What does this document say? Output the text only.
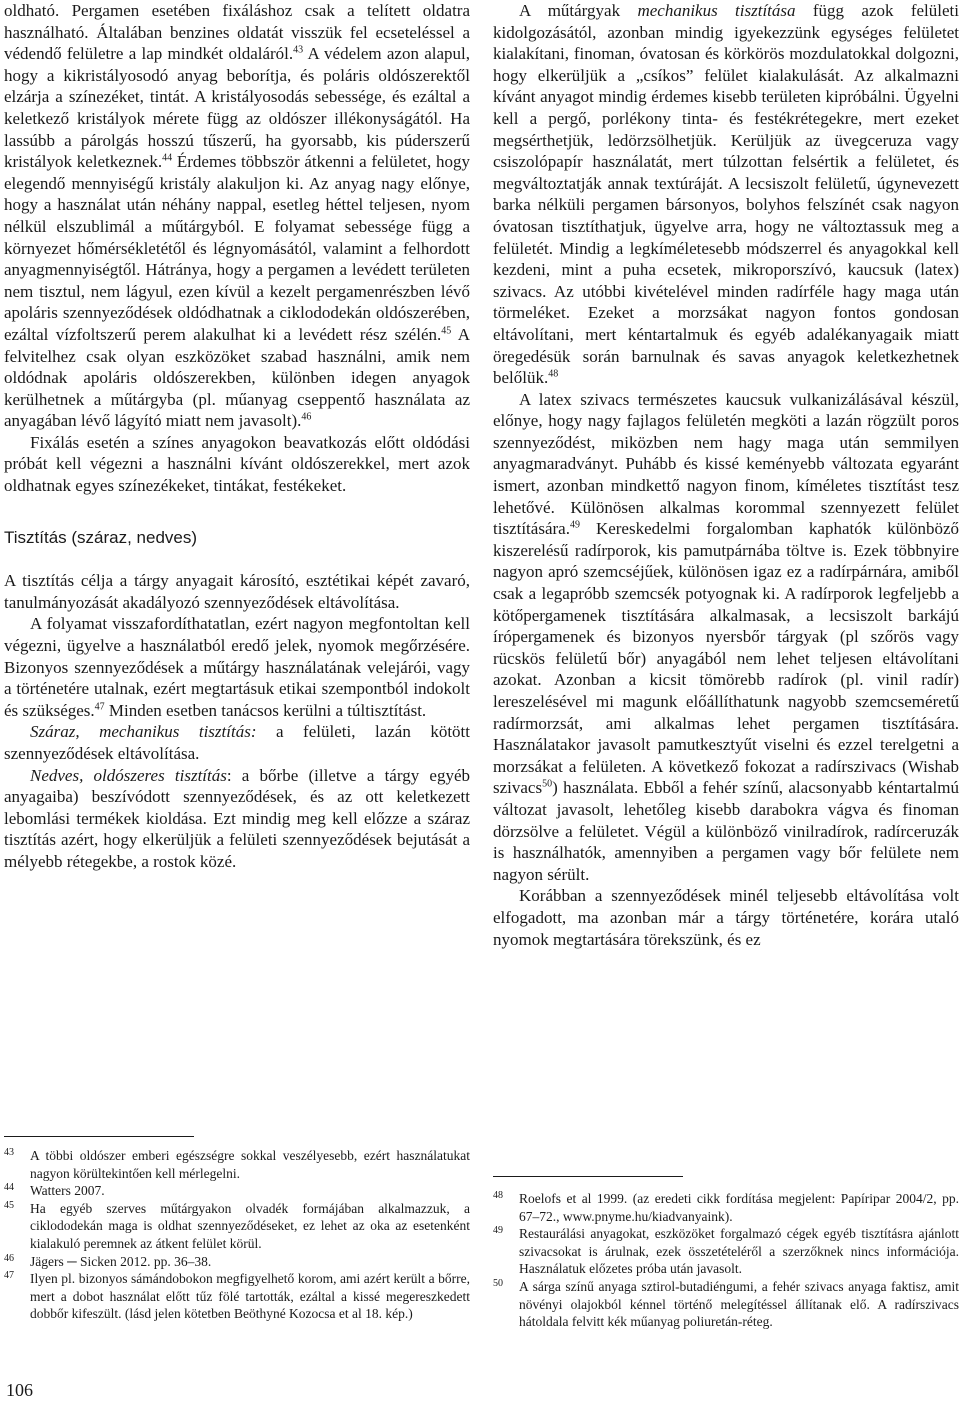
oldható. Pergamen esetében fixáláshoz csak a telített oldatra használható. Általában benzines oldatát visszük fel ecseteléssel a védendő felületre a lap mindkét oldaláról.$^{43}$ A védelem azon alapul, hogy a kikristályosodó anyag beborítja, és poláris oldószerektől elzárja a színezéket, tintát. A kristályosodás sebessége, és ezáltal a keletkező kristályok mérete függ az oldószer illékonyságától. Ha lassúbb a párolgás hosszú tűszerű, ha gyorsabb, kis púderszerű kristályok keletkeznek.$^{44}$ Érdemes többször átkenni a felületet, hogy elegendő mennyiségű kristály alakuljon ki. Az anyag nagy előnye, hogy a használat után néhány nappal, esetleg héttel teljesen, nyom nélkül elszublimál a műtárgyból. E folyamat sebessége függ a környezet hőmérsékletétől és légnyomásától, valamint a felhordott anyagmennyiségtől. Hátránya, hogy a pergamen a levédett területen nem tisztul, nem lágyul, ezen kívül a kezelt pergamenrészben lévő apoláris szennyeződések oldódhatnak a ciklododekán oldószerében, ezáltal vízfoltszerű perem alakulhat ki a levédett rész szélén.$^{45}$ A felvitelhez csak olyan eszközöket szabad használni, amik nem oldódnak apoláris oldószerekben, különben idegen anyagok kerülhetnek a műtárgyba (pl. műanyag cseppentő használata az anyagában lévő lágyító miatt nem javasolt).$^{46}$

Fixálás esetén a színes anyagokon beavatkozás előtt oldódási próbát kell végezni a használni kívánt oldószerekkel, mert azok oldhatnak egyes színezékeket, tintákat, festékeket.

Tisztítás (száraz, nedves)

A tisztítás célja a tárgy anyagait károsító, esztétikai képét zavaró, tanulmányozását akadályozó szennyeződések eltávolítása.

A folyamat visszafordíthatatlan, ezért nagyon megfontoltan kell végezni, ügyelve a használatból eredő jelek, nyomok megőrzésére. Bizonyos szennyeződések a műtárgy használatának velejárói, vagy a történetére utalnak, ezért megtartásuk etikai szempontból indokolt és szükséges.$^{47}$ Minden esetben tanácsos kerülni a túltisztítást.

Száraz, mechanikus tisztítás: a felületi, lazán kötött szennyeződések eltávolítása.

Nedves, oldószeres tisztítás: a bőrbe (illetve a tárgy egyéb anyagaiba) beszívódott szennyeződések, és az ott keletkezett lebomlási termékek kioldása. Ezt mindig meg kell előzze a száraz tisztítás azért, hogy elkerüljük a felületi szennyeződések bejutását a mélyebb rétegekbe, a rostok közé.

43 A többi oldószer emberi egészségre sokkal veszélyesebb, ezért használatukat nagyon körültekintően kell mérlegelni.
44 Watters 2007.
45 Ha egyéb szerves műtárgyakon olvadék formájában alkalmazzuk, a ciklododekán maga is oldhat szennyeződéseket, ez lehet az oka az esetenként kialakuló peremnek az átkent felület körül.
46 Jägers ─ Sicken 2012. pp. 36–38.
47 Ilyen pl. bizonyos sámándobokon megfigyelhető korom, ami azért került a bőrre, mert a dobot használat előtt tűz fölé tartották, ezáltal a kissé megereszkedett dobbőr kifeszült. (lásd jelen kötetben Beöthyné Kozocsa et al 18. kép.)

A műtárgyak mechanikus tisztítása függ azok felületi kidolgozásától, azonban mindig igyekezzünk egységes felületet kialakítani, finoman, óvatosan és körkörös mozdulatokkal dolgozni, hogy elkerüljük a „csíkos” felület kialakulását. Az alkalmazni kívánt anyagot mindig érdemes kisebb területen kipróbálni. Ügyelni kell a pergő, porlékony tinta- és festékrétegekre, mert ezeket megsérthetjük, ledörzsölhetjük. Kerüljük az üvegceruza vagy csiszolópapír használatát, mert túlzottan felsértik a felületet, és megváltoztatják annak textúráját. A lecsiszolt felületű, úgynevezett barka nélküli pergamen bársonyos, bolyhos felszínét csak nagyon óvatosan tisztíthatjuk, ügyelve arra, hogy ne változtassuk meg a felületét. Mindig a legkíméletesebb módszerrel és anyagokkal kell kezdeni, mint a puha ecsetek, mikroporszívó, kaucsuk (latex) szivacs. Az utóbbi kivételével minden radírféle hagy maga után törmeléket. Ezeket a morzsákat nagyon fontos gondosan eltávolítani, mert kéntartalmuk és egyéb adalékanyagaik miatt öregedésük során barnulnak és savas anyagok keletkezhetnek belőlük.$^{48}$

A latex szivacs természetes kaucsuk vulkanizálásával készül, előnye, hogy nagy fajlagos felületén megköti a lazán rögzült poros szennyeződést, miközben nem hagy maga után semmilyen anyagmaradványt. Puhább és kissé keményebb változata egyaránt ismert, azonban mindkettő nagyon finom, kíméletes tisztítást tesz lehetővé. Különösen alkalmas korommal szennyezett felület tisztítására.$^{49}$ Kereskedelmi forgalomban kaphatók különböző kiszerelésű radírporok, kis pamutpárnába töltve is. Ezek többnyire nagyon apró szemcséjűek, különösen igaz ez a radírpárnára, amiből csak a legapróbb szemcsék potyognak ki. A radírporok legfeljebb a kötőpergamenek tisztítására alkalmasak, a lecsiszolt barkájú írópergamenek és bizonyos nyersbőr tárgyak (pl szőrös vagy rücskös felületű bőr) anyagából nem lehet teljesen eltávolítani azokat. Azonban a kicsit tömörebb radírok (pl. vinil radír) lereszelésével mi magunk előállíthatunk nagyobb szemcseméretű radírmorzsát, ami alkalmas lehet pergamen tisztítására. Használatakor javasolt pamutkesztyűt viselni és ezzel terelgetni a morzsákat a felületen. A következő fokozat a radírszivacs (Wishab szivacs$^{50}$) használata. Ebből a fehér színű, alacsonyabb kéntartalmú változat javasolt, lehetőleg kisebb darabokra vágva és finoman dörzsölve a felületet. Végül a különböző vinilradírok, radírceruzák is használhatók, amennyiben a pergamen vagy bőr felülete nem nagyon sérült.

Korábban a szennyeződések minél teljesebb eltávolítása volt elfogadott, ma azonban már a tárgy történetére, korára utaló nyomok megtartására törekszünk, és ez

48 Roelofs et al 1999. (az eredeti cikk fordítása megjelent: Papíripar 2004/2, pp. 67–72., www.pnyme.hu/kiadvanyaink).
49 Restaurálási anyagokat, eszközöket forgalmazó cégek egyéb tisztításra ajánlott szivacsokat is árulnak, ezek összetételéről a szerzőknek nincs információja. Használatuk előzetes próba után javasolt.
50 A sárga színű anyaga sztirol-butadiéngumi, a fehér szivacs anyaga faktisz, amit növényi olajokból kénnel történő melegítéssel állítanak elő. A radírszivacs hátoldala felvitt kék műanyag poliuretán-réteg.
106
